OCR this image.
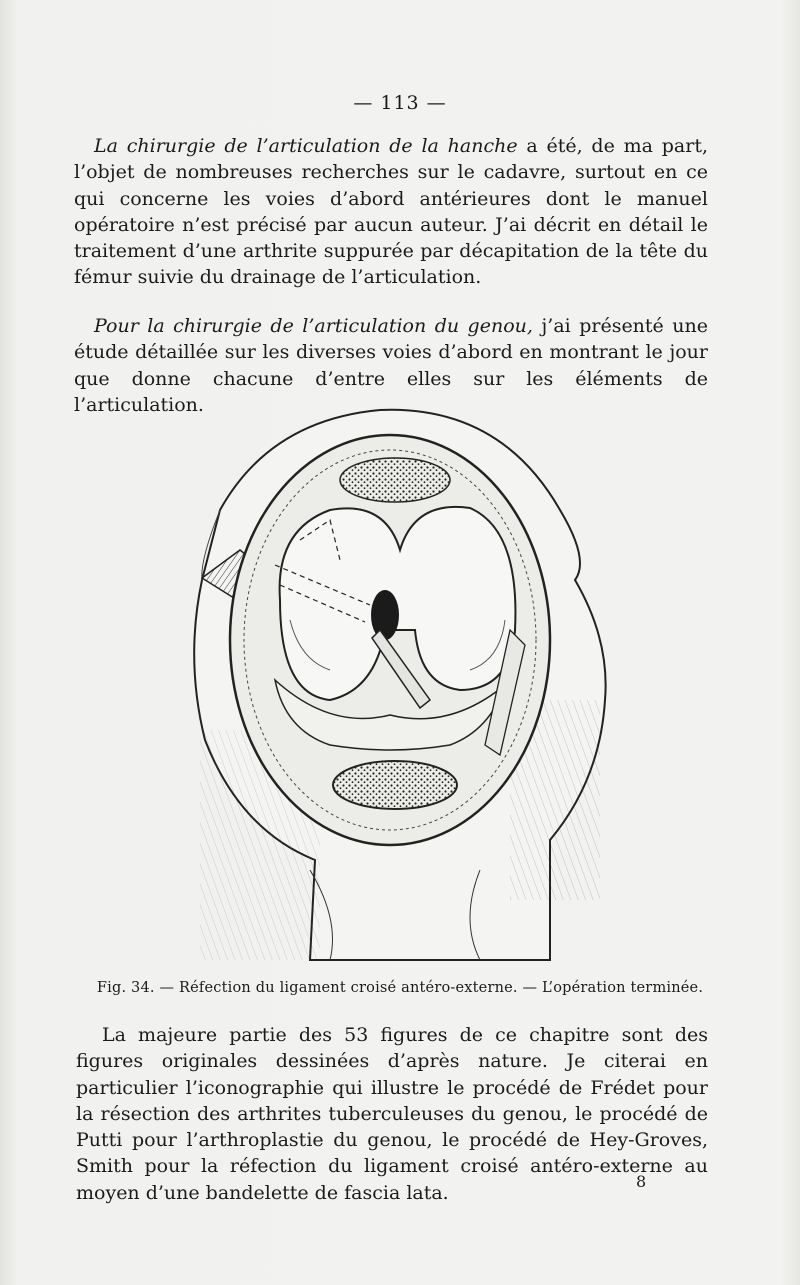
— 113 —
La chirurgie de l’articulation de la hanche a été, de ma part, l’objet de nombreuses recherches sur le cadavre, surtout en ce qui concerne les voies d’abord antérieures dont le manuel opératoire n’est précisé par aucun auteur. J’ai décrit en détail le traitement d’une arthrite suppurée par décapitation de la tête du fémur suivie du drainage de l’articulation.
Pour la chirurgie de l’articulation du genou, j’ai présenté une étude détaillée sur les diverses voies d’abord en montrant le jour que donne chacune d’entre elles sur les éléments de l’articulation.
Fig. 34. — Réfection du ligament croisé antéro-externe. — L’opération terminée.
La majeure partie des 53 figures de ce chapitre sont des figures originales dessinées d’après nature. Je citerai en particulier l’iconographie qui illustre le procédé de Frédet pour la résection des arthrites tuberculeuses du genou, le procédé de Putti pour l’arthroplastie du genou, le procédé de Hey-Groves, Smith pour la réfection du ligament croisé antéro-externe au moyen d’une bandelette de fascia lata.
8
